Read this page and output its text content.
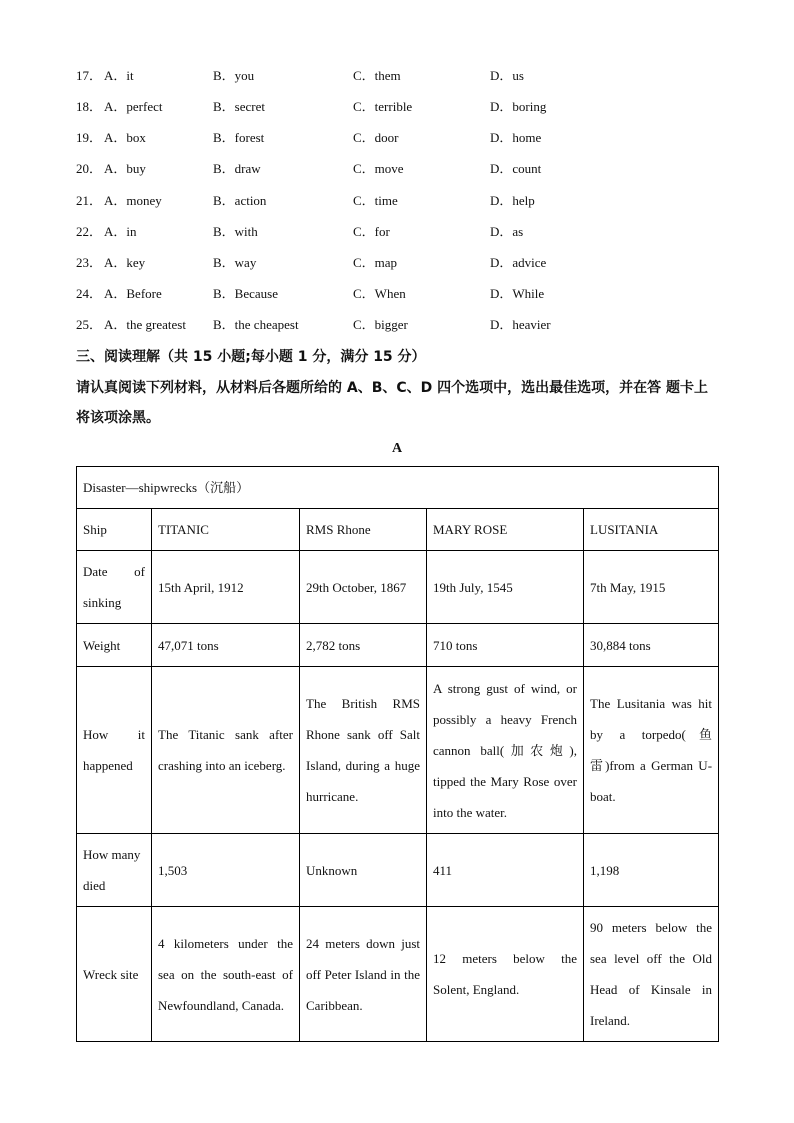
17． A．it	B．you	C．them	D．us
18． A．perfect	B．secret	C．terrible	D．boring
19． A．box	B．forest	C．door	D．home
20． A．buy	B．draw	C．move	D．count
21． A．money	B．action	C．time	D．help
22． A．in	B．with	C．for	D．as
23． A．key	B．way	C．map	D．advice
24． A．Before	B．Because	C．When	D．While
25． A．the greatest B．the cheapest	C．bigger	D．heavier
三、阅读理解（共 15 小题;每小题 1 分，满分 15 分）
请认真阅读下列材料，从材料后各题所给的 A、B、C、D 四个选项中，选出最佳选项，并在答 题卡上将该项涂黑。
A
Disaster—shipwrecks（沉船）				
Ship	TITANIC	RMS Rhone	MARY ROSE	LUSITANIA
Date of sinking	15th April, 1912	29th October, 1867	19th July, 1545	7th May, 1915
Weight	47,071 tons	2,782 tons	710 tons	30,884 tons
How it happened	The Titanic sank after crashing into an iceberg.	The British RMS Rhone sank off Salt Island, during a huge hurricane.	A strong gust of wind, or possibly a heavy French cannon ball(加农炮), tipped the Mary Rose over into the water.	The Lusitania was hit by a torpedo(鱼雷)from a German U-boat.
How many died	1,503	Unknown	411	1,198
Wreck site	4 kilometers under the sea on the south-east of Newfoundland, Canada.	24 meters down just off Peter Island in the Caribbean.	12 meters below the Solent, England.	90 meters below the sea level off the Old Head of Kinsale in Ireland.
